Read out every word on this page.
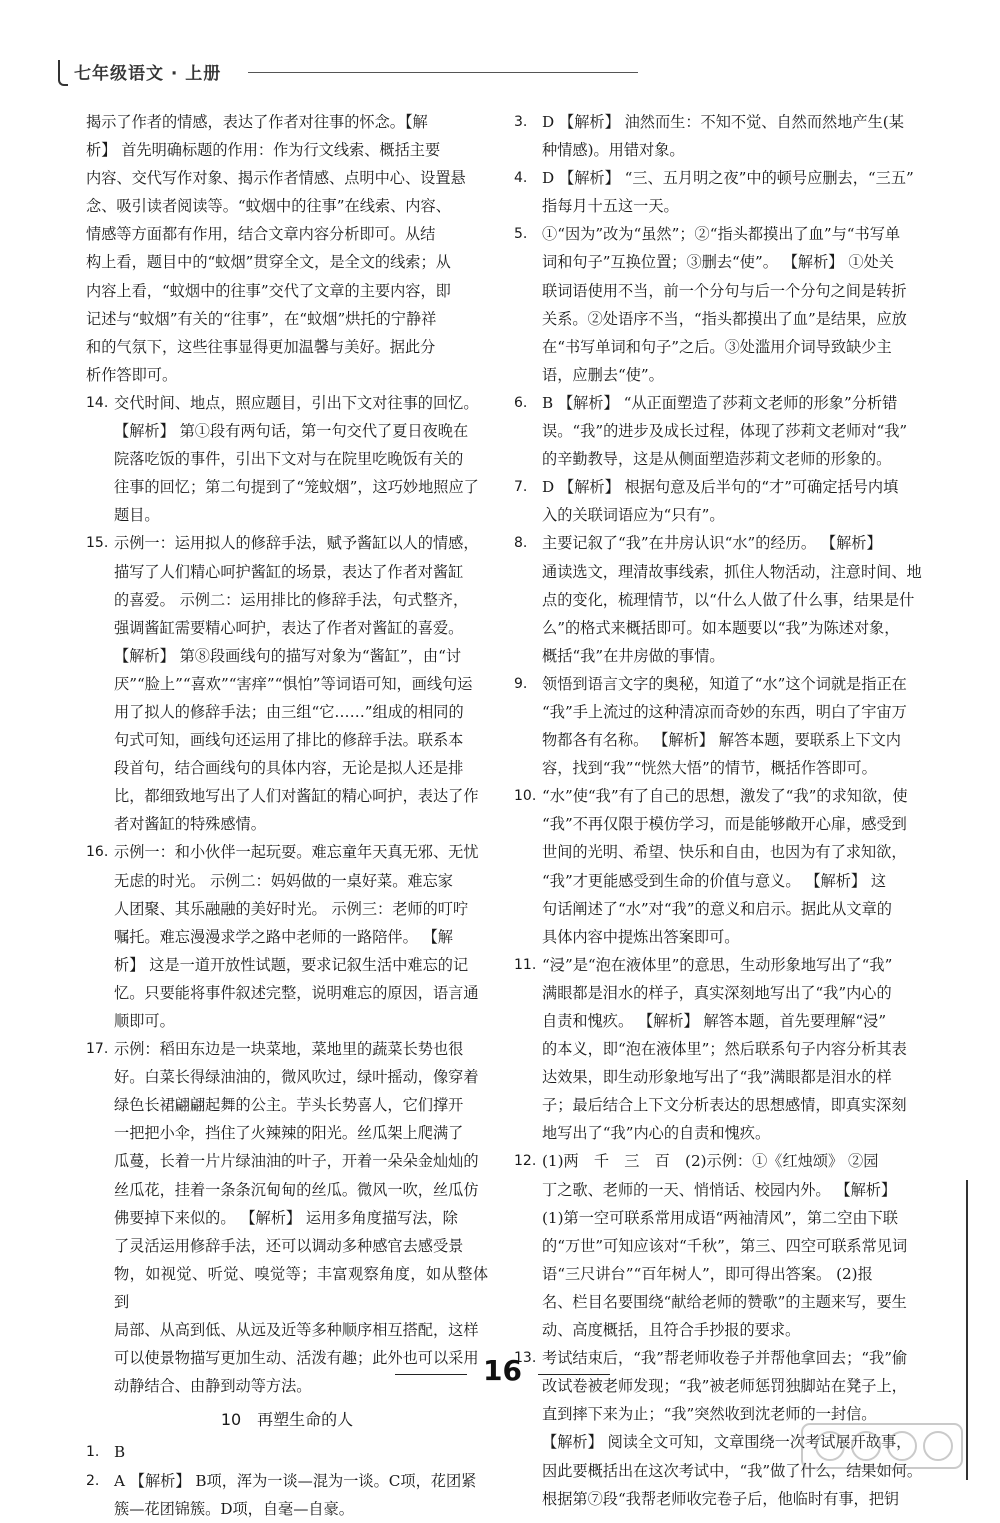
七年级语文 · 上册
揭示了作者的情感，表达了作者对往事的怀念。【解
析】 首先明确标题的作用：作为行文线索、概括主要
内容、交代写作对象、揭示作者情感、点明中心、设置悬
念、吸引读者阅读等。“蚊烟中的往事”在线索、内容、
情感等方面都有作用，结合文章内容分析即可。从结
构上看，题目中的“蚊烟”贯穿全文，是全文的线索；从
内容上看，“蚊烟中的往事”交代了文章的主要内容，即
记述与“蚊烟”有关的“往事”，在“蚊烟”烘托的宁静祥
和的气氛下，这些往事显得更加温馨与美好。据此分
析作答即可。
14. 交代时间、地点，照应题目，引出下文对往事的回忆。
【解析】 第①段有两句话，第一句交代了夏日夜晚在
院落吃饭的事件，引出下文对与在院里吃晚饭有关的
往事的回忆；第二句提到了“笼蚊烟”，这巧妙地照应了
题目。
15. 示例一：运用拟人的修辞手法，赋予酱缸以人的情感，
描写了人们精心呵护酱缸的场景，表达了作者对酱缸
的喜爱。 示例二：运用排比的修辞手法，句式整齐，
强调酱缸需要精心呵护，表达了作者对酱缸的喜爱。
【解析】 第⑧段画线句的描写对象为“酱缸”，由“讨
厌”“脸上”“喜欢”“害痒”“惧怕”等词语可知，画线句运
用了拟人的修辞手法；由三组“它……”组成的相同的
句式可知，画线句还运用了排比的修辞手法。联系本
段首句，结合画线句的具体内容，无论是拟人还是排
比，都细致地写出了人们对酱缸的精心呵护，表达了作
者对酱缸的特殊感情。
16. 示例一：和小伙伴一起玩耍。难忘童年天真无邪、无忧
无虑的时光。 示例二：妈妈做的一桌好菜。难忘家
人团聚、其乐融融的美好时光。 示例三：老师的叮咛
嘱托。难忘漫漫求学之路中老师的一路陪伴。 【解
析】 这是一道开放性试题，要求记叙生活中难忘的记
忆。只要能将事件叙述完整，说明难忘的原因，语言通
顺即可。
17. 示例：稻田东边是一块菜地，菜地里的蔬菜长势也很
好。白菜长得绿油油的，微风吹过，绿叶摇动，像穿着
绿色长裙翩翩起舞的公主。芋头长势喜人，它们撑开
一把把小伞，挡住了火辣辣的阳光。丝瓜架上爬满了
瓜蔓，长着一片片绿油油的叶子，开着一朵朵金灿灿的
丝瓜花，挂着一条条沉甸甸的丝瓜。微风一吹，丝瓜仿
佛要掉下来似的。 【解析】 运用多角度描写法，除
了灵活运用修辞手法，还可以调动多种感官去感受景
物，如视觉、听觉、嗅觉等；丰富观察角度，如从整体到
局部、从高到低、从远及近等多种顺序相互搭配，这样
可以使景物描写更加生动、活泼有趣；此外也可以采用
动静结合、由静到动等方法。
10　再塑生命的人
1. B
2. A 【解析】 B项，浑为一谈—混为一谈。C项，花团紧
簇—花团锦簇。D项，自毫—自豪。
3. D 【解析】 油然而生：不知不觉、自然而然地产生(某
种情感)。用错对象。
4. D 【解析】 “三、五月明之夜”中的顿号应删去，“三五”
指每月十五这一天。
5. ①“因为”改为“虽然”；②“指头都摸出了血”与“书写单
词和句子”互换位置；③删去“使”。 【解析】 ①处关
联词语使用不当，前一个分句与后一个分句之间是转折
关系。②处语序不当，“指头都摸出了血”是结果，应放
在“书写单词和句子”之后。③处滥用介词导致缺少主
语，应删去“使”。
6. B 【解析】 “从正面塑造了莎莉文老师的形象”分析错
误。“我”的进步及成长过程，体现了莎莉文老师对“我”
的辛勤教导，这是从侧面塑造莎莉文老师的形象的。
7. D 【解析】 根据句意及后半句的“才”可确定括号内填
入的关联词语应为“只有”。
8. 主要记叙了“我”在井房认识“水”的经历。 【解析】
通读选文，理清故事线索，抓住人物活动，注意时间、地
点的变化，梳理情节，以“什么人做了什么事，结果是什
么”的格式来概括即可。如本题要以“我”为陈述对象，
概括“我”在井房做的事情。
9. 领悟到语言文字的奥秘，知道了“水”这个词就是指正在
“我”手上流过的这种清凉而奇妙的东西，明白了宇宙万
物都各有名称。 【解析】 解答本题，要联系上下文内
容，找到“我”“恍然大悟”的情节，概括作答即可。
10. “水”使“我”有了自己的思想，激发了“我”的求知欲，使
“我”不再仅限于模仿学习，而是能够敞开心扉，感受到
世间的光明、希望、快乐和自由，也因为有了求知欲，
“我”才更能感受到生命的价值与意义。 【解析】 这
句话阐述了“水”对“我”的意义和启示。据此从文章的
具体内容中提炼出答案即可。
11. “浸”是“泡在液体里”的意思，生动形象地写出了“我”
满眼都是泪水的样子，真实深刻地写出了“我”内心的
自责和愧疚。 【解析】 解答本题，首先要理解“浸”
的本义，即“泡在液体里”；然后联系句子内容分析其表
达效果，即生动形象地写出了“我”满眼都是泪水的样
子；最后结合上下文分析表达的思想感情，即真实深刻
地写出了“我”内心的自责和愧疚。
12. (1)两　千　三　百　(2)示例：①《红烛颂》 ②园
丁之歌、老师的一天、悄悄话、校园内外。 【解析】
(1)第一空可联系常用成语“两袖清风”，第二空由下联
的“万世”可知应该对“千秋”，第三、四空可联系常见词
语“三尺讲台”“百年树人”，即可得出答案。 (2)报
名、栏目名要围绕“献给老师的赞歌”的主题来写，要生
动、高度概括，且符合手抄报的要求。
13. 考试结束后，“我”帮老师收卷子并帮他拿回去；“我”偷
改试卷被老师发现；“我”被老师惩罚独脚站在凳子上，
直到摔下来为止；“我”突然收到沈老师的一封信。
【解析】 阅读全文可知，文章围绕一次考试展开故事，
因此要概括出在这次考试中，“我”做了什么，结果如何。
根据第⑦段“我帮老师收完卷子后，他临时有事，把钥
16
